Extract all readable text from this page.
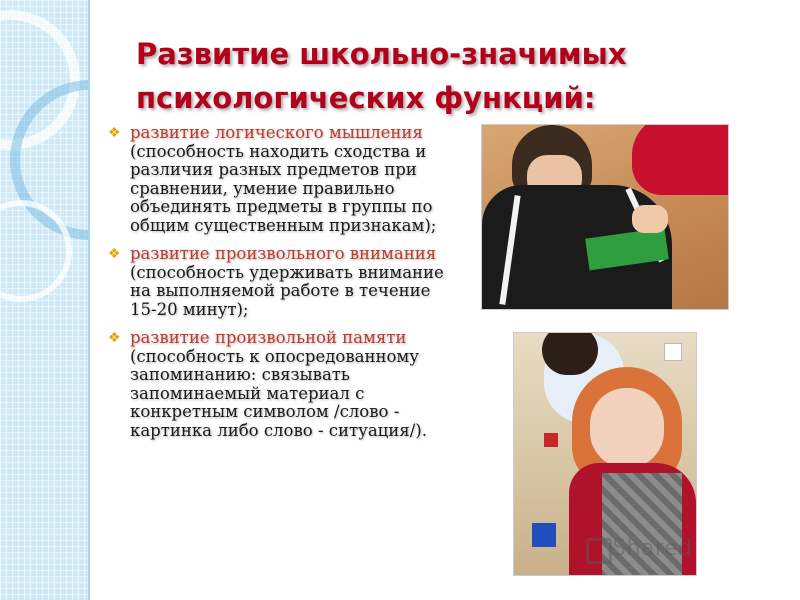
Развитие школьно-значимых психологических функций:
❖ развитие логического мышления (способность находить сходства и различия разных предметов при сравнении, умение правильно объединять предметы в группы по общим существенным признакам);
❖ развитие произвольного внимания (способность удерживать внимание на выполняемой работе в течение 15-20 минут);
❖ развитие произвольной памяти (способность к опосредованному запоминанию: связывать запоминаемый материал с конкретным символом /слово - картинка либо слово - ситуация/).
Shared
